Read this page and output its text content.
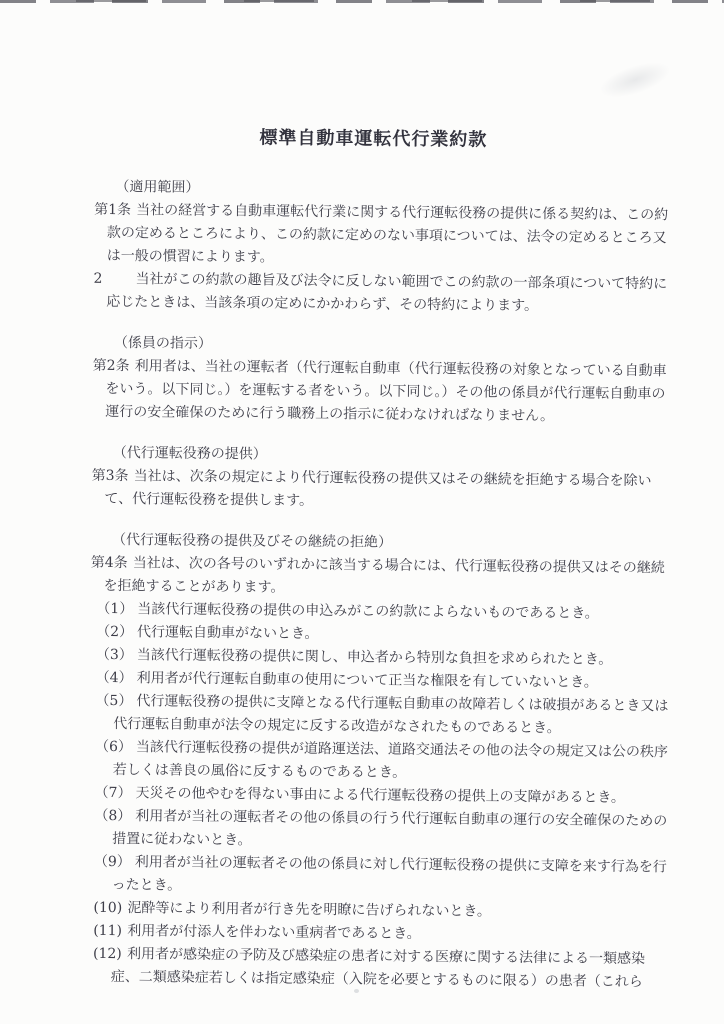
標準自動車運転代行業約款
（適用範囲）

第1条 当社の経営する自動車運転代行業に関する代行運転役務の提供に係る契約は、この約款の定めるところにより、この約款に定めのない事項については、法令の定めるところ又は一般の慣習によります。

2 当社がこの約款の趣旨及び法令に反しない範囲でこの約款の一部条項について特約に応じたときは、当該条項の定めにかかわらず、その特約によります。

（係員の指示）

第2条 利用者は、当社の運転者（代行運転自動車（代行運転役務の対象となっている自動車をいう。以下同じ。）を運転する者をいう。以下同じ。）その他の係員が代行運転自動車の運行の安全確保のために行う職務上の指示に従わなければなりません。

（代行運転役務の提供）

第3条 当社は、次条の規定により代行運転役務の提供又はその継続を拒絶する場合を除いて、代行運転役務を提供します。

（代行運転役務の提供及びその継続の拒絶）

第4条 当社は、次の各号のいずれかに該当する場合には、代行運転役務の提供又はその継続を拒絶することがあります。

（1） 当該代行運転役務の提供の申込みがこの約款によらないものであるとき。
（2） 代行運転自動車がないとき。
（3） 当該代行運転役務の提供に関し、申込者から特別な負担を求められたとき。
（4） 利用者が代行運転自動車の使用について正当な権限を有していないとき。
（5） 代行運転役務の提供に支障となる代行運転自動車の故障若しくは破損があるとき又は代行運転自動車が法令の規定に反する改造がなされたものであるとき。
（6） 当該代行運転役務の提供が道路運送法、道路交通法その他の法令の規定又は公の秩序若しくは善良の風俗に反するものであるとき。
（7） 天災その他やむを得ない事由による代行運転役務の提供上の支障があるとき。
（8） 利用者が当社の運転者その他の係員の行う代行運転自動車の運行の安全確保のための措置に従わないとき。
（9） 利用者が当社の運転者その他の係員に対し代行運転役務の提供に支障を来す行為を行ったとき。
(10) 泥酔等により利用者が行き先を明瞭に告げられないとき。
(11) 利用者が付添人を伴わない重病者であるとき。
(12) 利用者が感染症の予防及び感染症の患者に対する医療に関する法律による一類感染症、二類感染症若しくは指定感染症（入院を必要とするものに限る）の患者（これら
